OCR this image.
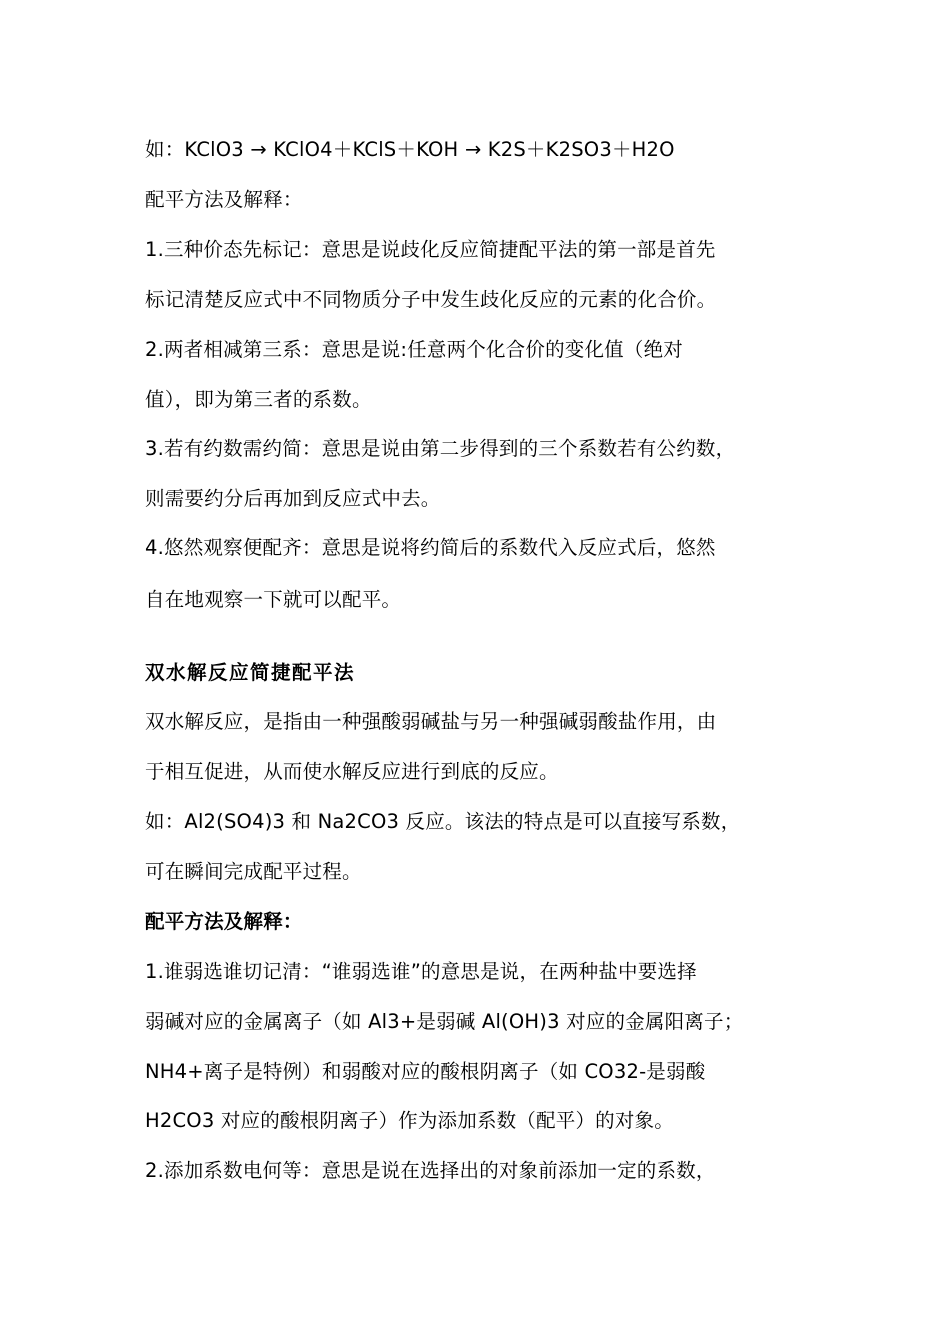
如：KClO3 → KClO4＋KClS＋KOH → K2S＋K2SO3＋H2O
配平方法及解释：
1.三种价态先标记：意思是说歧化反应简捷配平法的第一部是首先
标记清楚反应式中不同物质分子中发生歧化反应的元素的化合价。
2.两者相减第三系：意思是说:任意两个化合价的变化值（绝对
值），即为第三者的系数。
3.若有约数需约简：意思是说由第二步得到的三个系数若有公约数，
则需要约分后再加到反应式中去。
4.悠然观察便配齐：意思是说将约简后的系数代入反应式后，悠然
自在地观察一下就可以配平。
双水解反应简捷配平法
双水解反应，是指由一种强酸弱碱盐与另一种强碱弱酸盐作用，由
于相互促进，从而使水解反应进行到底的反应。
如：Al2(SO4)3 和 Na2CO3 反应。该法的特点是可以直接写系数，
可在瞬间完成配平过程。
配平方法及解释：
1.谁弱选谁切记清：“谁弱选谁”的意思是说，在两种盐中要选择
弱碱对应的金属离子（如 Al3+是弱碱 Al(OH)3 对应的金属阳离子；
NH4+离子是特例）和弱酸对应的酸根阴离子（如 CO32-是弱酸
H2CO3 对应的酸根阴离子）作为添加系数（配平）的对象。
2.添加系数电何等：意思是说在选择出的对象前添加一定的系数，
